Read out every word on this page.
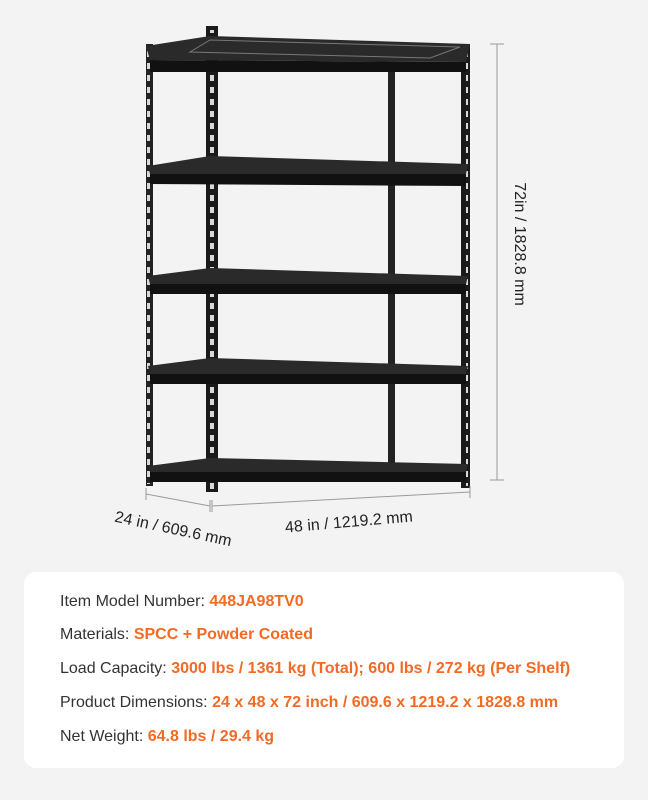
72in / 1828.8 mm
24 in / 609.6 mm	48 in / 1219.2 mm
Item Model Number: 448JA98TV0
Materials: SPCC + Powder Coated
Load Capacity: 3000 lbs / 1361 kg (Total); 600 lbs / 272 kg (Per Shelf)
Product Dimensions: 24 x 48 x 72 inch / 609.6 x 1219.2 x 1828.8 mm
Net Weight: 64.8 lbs / 29.4 kg
